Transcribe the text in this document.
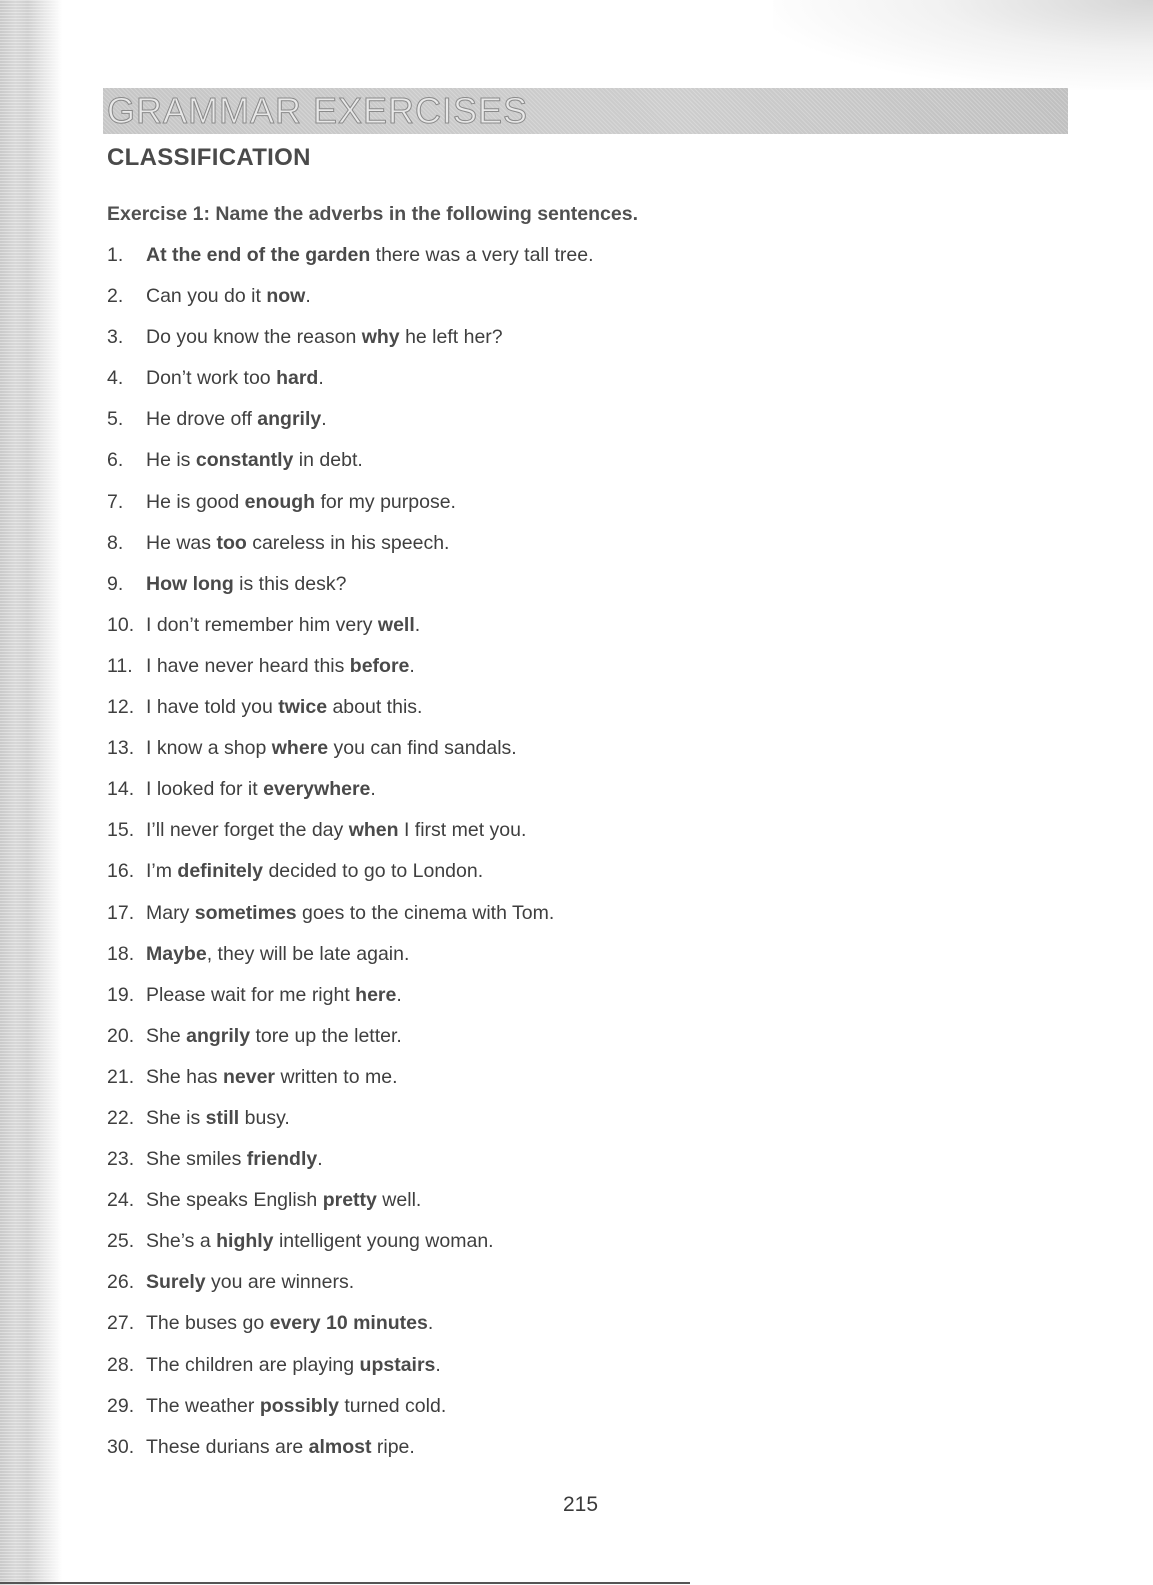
GRAMMAR EXERCISES
CLASSIFICATION
Exercise 1: Name the adverbs in the following sentences.
1.	At the end of the garden there was a very tall tree.
2.	Can you do it now.
3.	Do you know the reason why he left her?
4.	Don’t work too hard.
5.	He drove off angrily.
6.	He is constantly in debt.
7.	He is good enough for my purpose.
8.	He was too careless in his speech.
9.	How long is this desk?
10. I don’t remember him very well.
11. I have never heard this before.
12. I have told you twice about this.
13. I know a shop where you can find sandals.
14. I looked for it everywhere.
15. I’ll never forget the day when I first met you.
16. I’m definitely decided to go to London.
17. Mary sometimes goes to the cinema with Tom.
18. Maybe, they will be late again.
19. Please wait for me right here.
20. She angrily tore up the letter.
21. She has never written to me.
22. She is still busy.
23. She smiles friendly.
24. She speaks English pretty well.
25. She’s a highly intelligent young woman.
26. Surely you are winners.
27. The buses go every 10 minutes.
28. The children are playing upstairs.
29. The weather possibly turned cold.
30. These durians are almost ripe.
215
